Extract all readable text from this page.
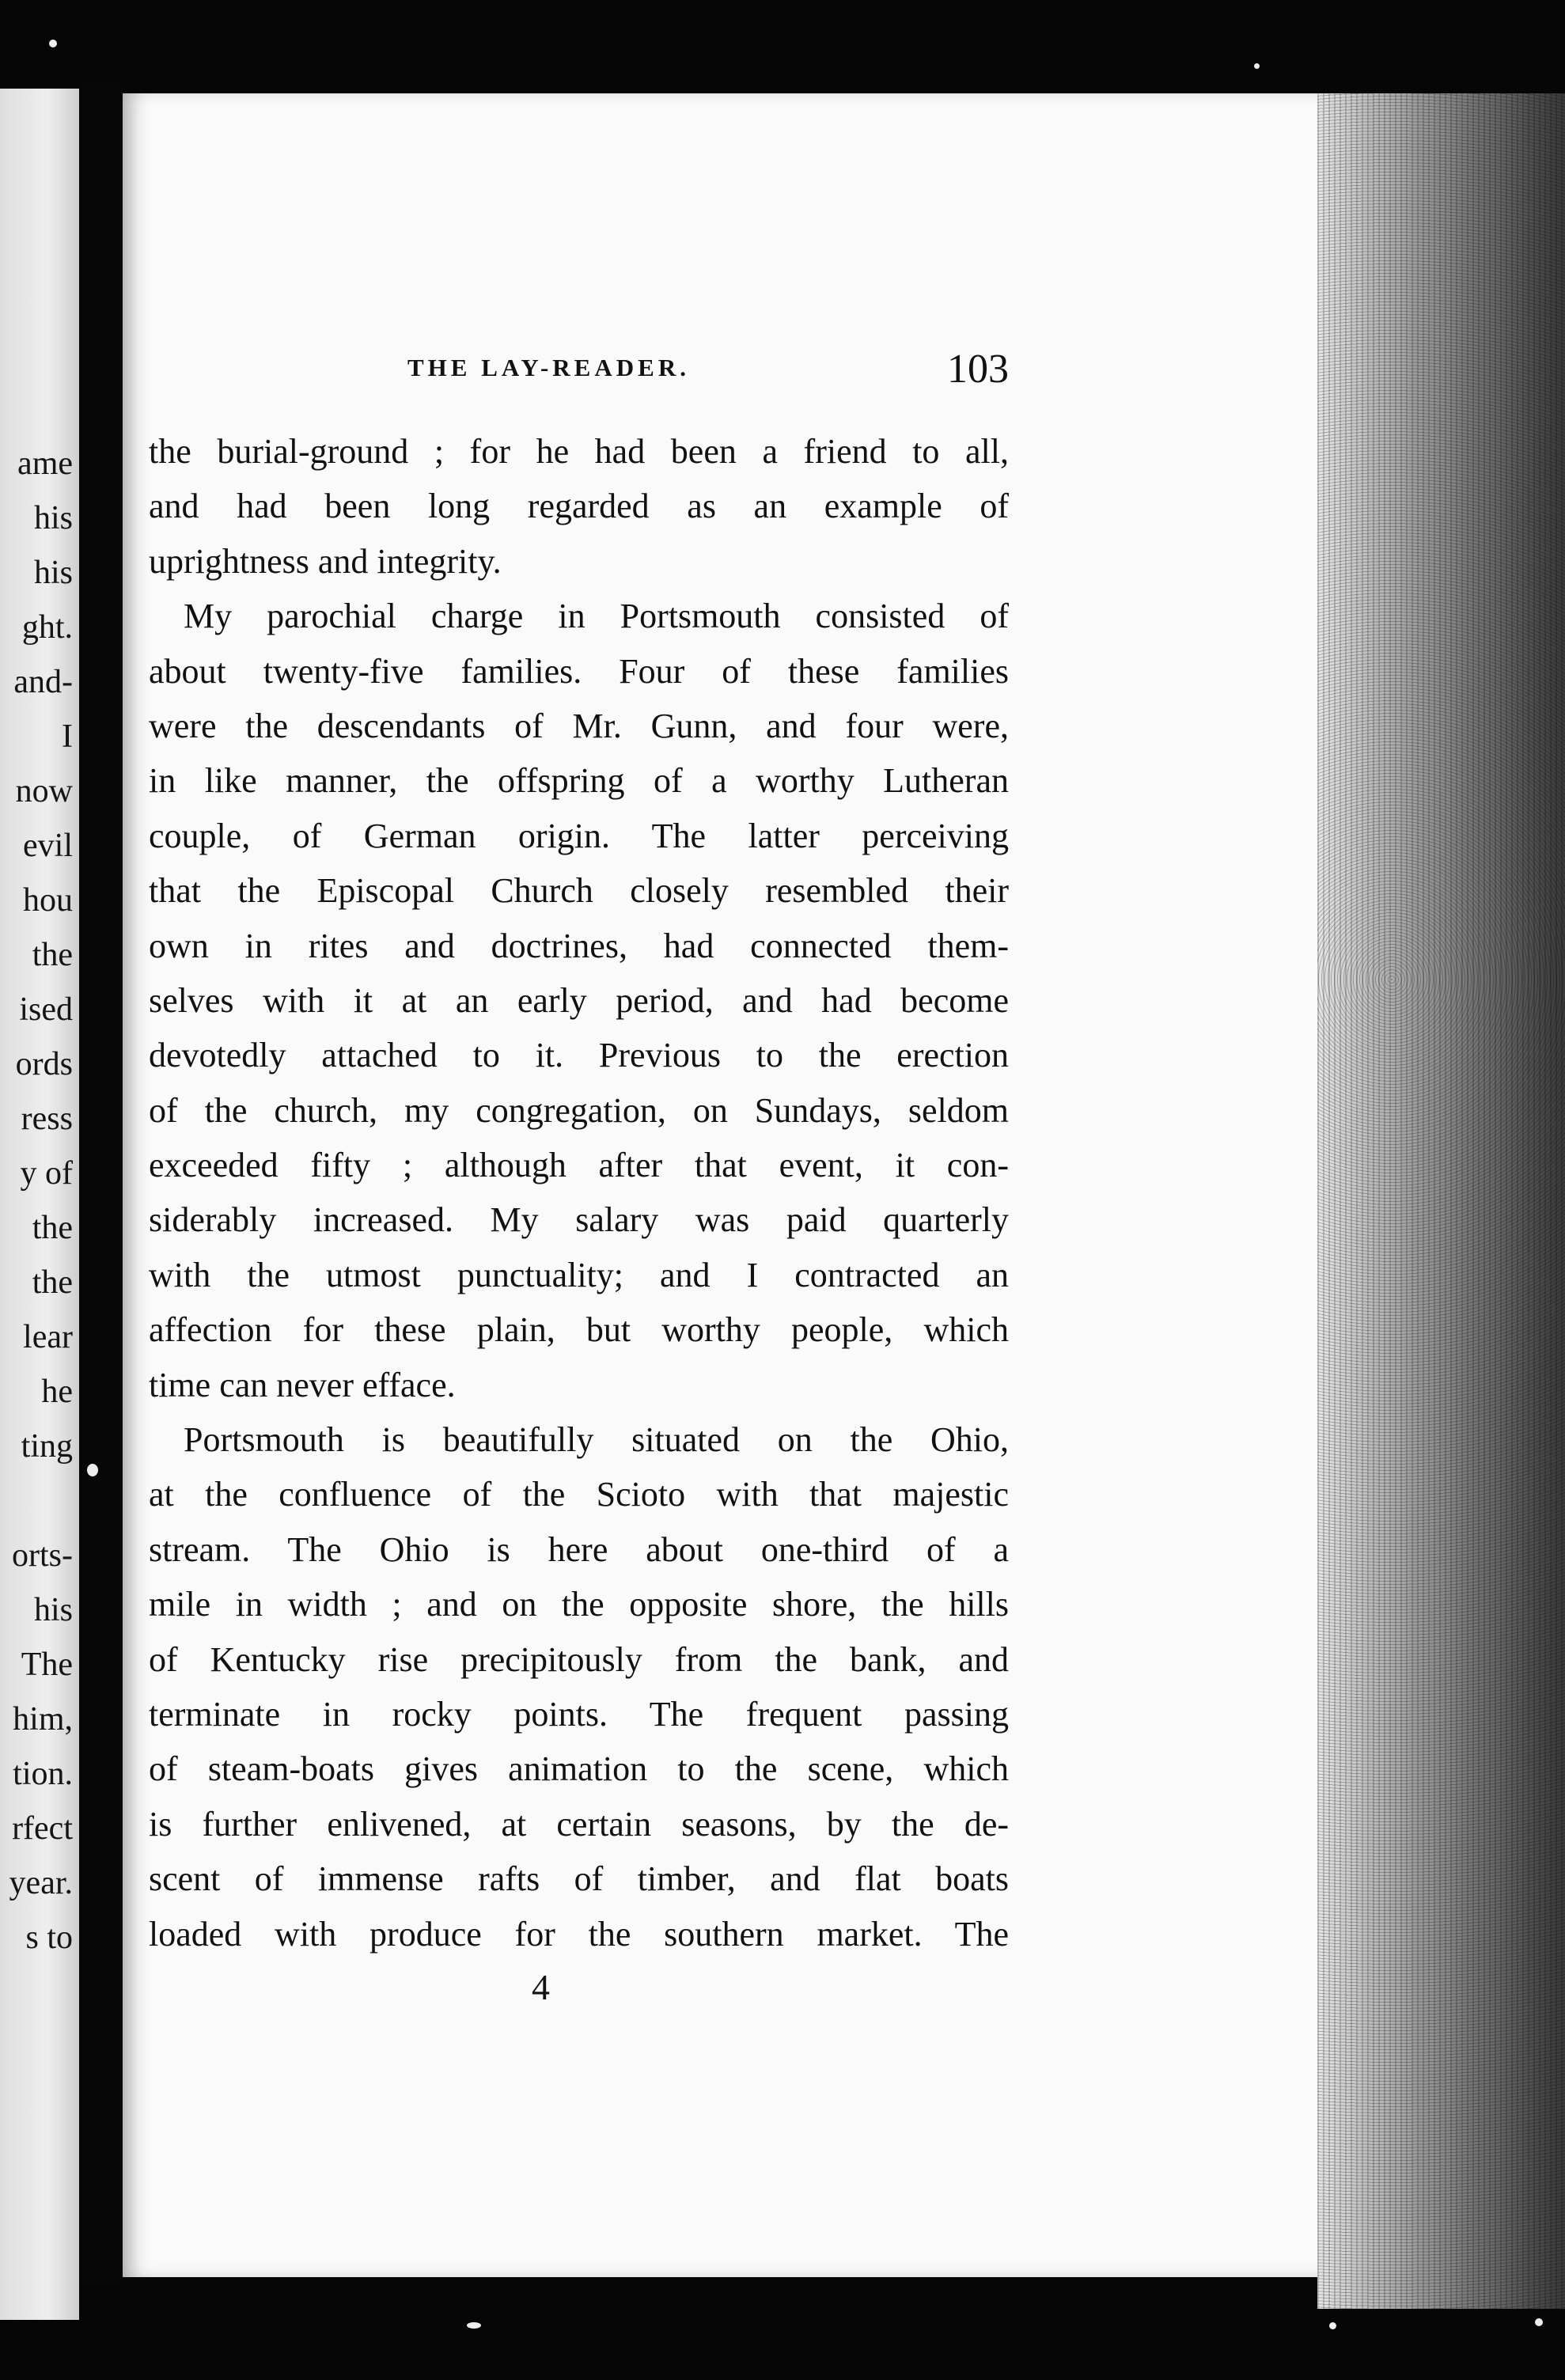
ame
his
his
ght.
and-
I
now
evil
hou
the
ised
ords
ress
y of
the
the
lear
he
ting
orts-
his
The
him,
tion.
rfect
year.
s to
THE LAY-READER.	103
the burial-ground ; for he had been a friend to all,
and had been long regarded as an example of
uprightness and integrity.
My parochial charge in Portsmouth consisted of
about twenty-five families. Four of these families
were the descendants of Mr. Gunn, and four were,
in like manner, the offspring of a worthy Lutheran
couple, of German origin. The latter perceiving
that the Episcopal Church closely resembled their
own in rites and doctrines, had connected them-
selves with it at an early period, and had become
devotedly attached to it. Previous to the erection
of the church, my congregation, on Sundays, seldom
exceeded fifty ; although after that event, it con-
siderably increased. My salary was paid quarterly
with the utmost punctuality; and I contracted an
affection for these plain, but worthy people, which
time can never efface.
Portsmouth is beautifully situated on the Ohio,
at the confluence of the Scioto with that majestic
stream. The Ohio is here about one-third of a
mile in width ; and on the opposite shore, the hills
of Kentucky rise precipitously from the bank, and
terminate in rocky points. The frequent passing
of steam-boats gives animation to the scene, which
is further enlivened, at certain seasons, by the de-
scent of immense rafts of timber, and flat boats
loaded with produce for the southern market. The
4
